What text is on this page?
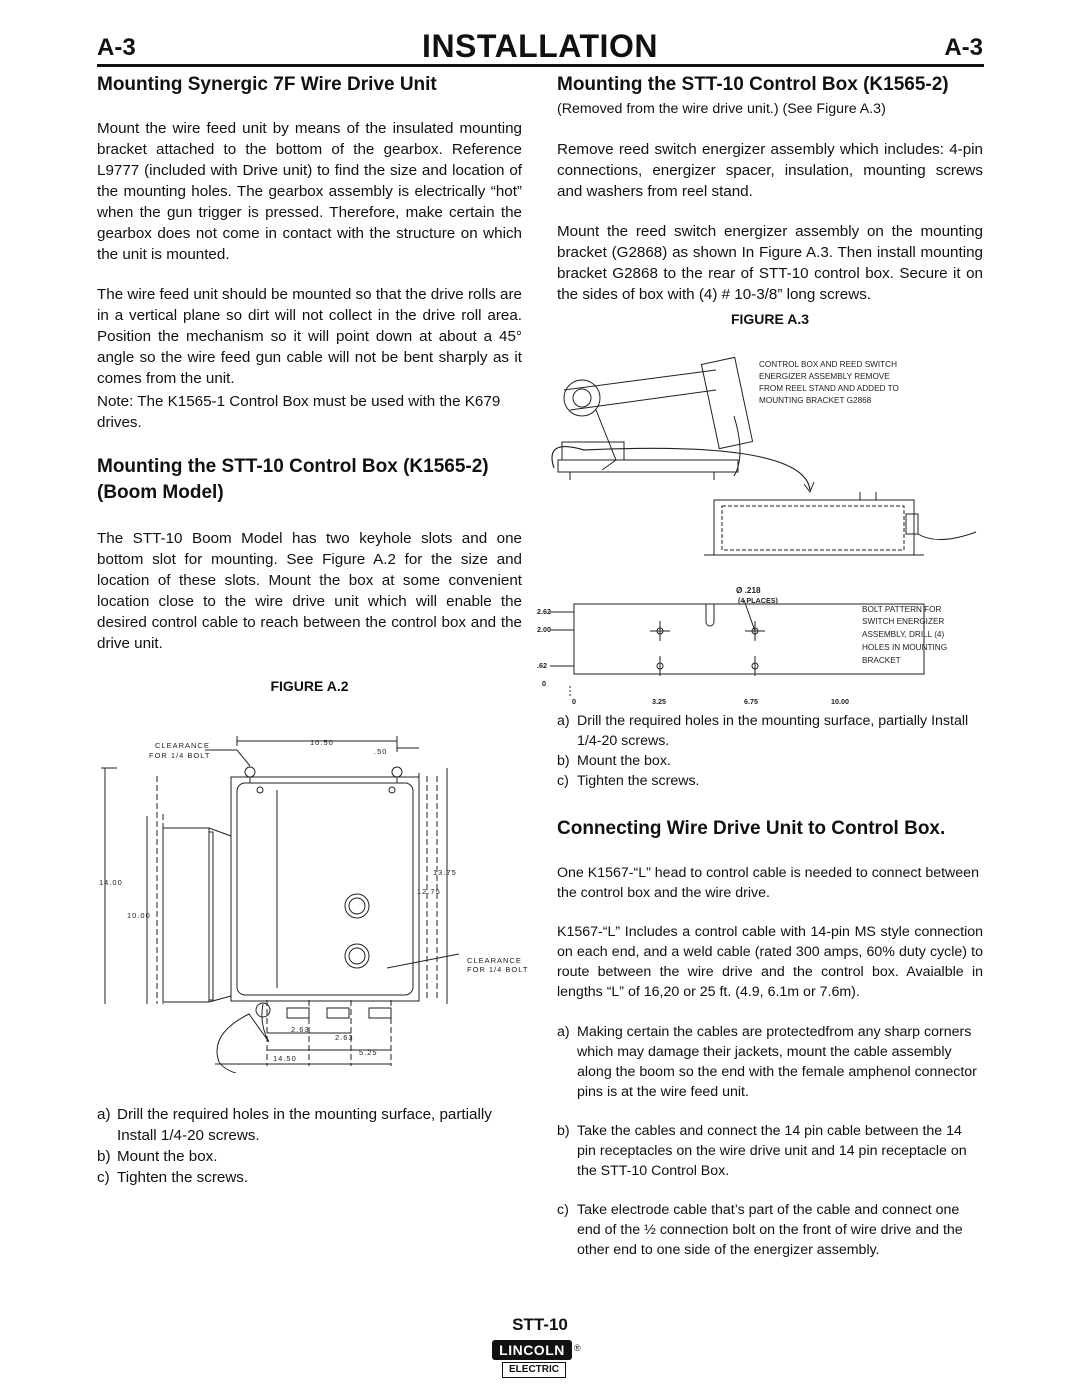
A-3	INSTALLATION	A-3
Mounting Synergic 7F Wire Drive Unit
Mount the wire feed unit by means of the insulated mounting bracket attached to the bottom of the gearbox. Reference L9777 (included with Drive unit) to find the size and location of the mounting holes. The gearbox assembly is electrically “hot” when the gun trigger is pressed. Therefore, make certain the gearbox does not come in contact with the structure on which the unit is mounted.
The wire feed unit should be mounted so that the drive rolls are in a vertical plane so dirt will not collect in the drive roll area. Position the mechanism so it will point down at about a 45° angle so the wire feed gun cable will not be bent sharply as it comes from the unit.
Note: The K1565-1 Control Box must be used with the K679 drives.
Mounting the STT-10 Control Box (K1565-2)
(Boom Model)
The STT-10 Boom Model has two keyhole slots and one bottom slot for mounting. See Figure A.2 for the size and location of these slots. Mount the box at some convenient location close to the wire drive unit which will enable the desired control cable to reach between the control box and the drive unit.
FIGURE A.2
CLEARANCE
FOR 1/4 BOLT
10.50
.50
13.75
12.75
14.00
10.00
CLEARANCE
FOR 1/4 BOLT
2.63
2.63
5.25
14.50
a) Drill the required holes in the mounting surface, partially Install 1/4-20 screws.
b) Mount the box.
c) Tighten the screws.
Mounting the STT-10 Control Box (K1565-2)
(Removed from the wire drive unit.) (See Figure A.3)
Remove reed switch energizer assembly which includes: 4-pin connections, energizer spacer, insulation, mounting screws and washers from reel stand.
Mount the reed switch energizer assembly on the mounting bracket (G2868) as shown In Figure A.3. Then install mounting bracket G2868 to the rear of STT-10 control box. Secure it on the sides of box with (4) # 10-3/8” long screws.
FIGURE A.3
CONTROL BOX AND REED SWITCH
ENERGIZER ASSEMBLY REMOVE
FROM REEL STAND AND ADDED TO
MOUNTING BRACKET G2868
Ø .218
(4 PLACES)
2.62
2.00
.62
0
0	3.25	6.75	10.00
BOLT PATTERN FOR
SWITCH ENERGIZER
ASSEMBLY, DRILL (4)
HOLES IN MOUNTING
BRACKET
a) Drill the required holes in the mounting surface, partially Install 1/4-20 screws.
b) Mount the box.
c) Tighten the screws.
Connecting Wire Drive Unit to Control Box.
One K1567-“L” head to control cable is needed to connect between the control box and the wire drive.
K1567-“L” Includes a control cable with 14-pin MS style connection on each end, and a weld cable (rated 300 amps, 60% duty cycle) to route between the wire drive and the control box. Avaialble in lengths “L” of 16,20 or 25 ft. (4.9, 6.1m or 7.6m).
a) Making certain the cables are protectedfrom any sharp corners which may damage their jackets, mount the cable assembly along the boom so the end with the female amphenol connector pins is at the wire feed unit.
b) Take the cables and connect the 14 pin cable between the 14 pin receptacles on the wire drive unit and 14 pin receptacle on the STT-10 Control Box.
c) Take electrode cable that’s part of the cable and connect one end of the ½ connection bolt on the front of wire drive and the other end to one side of the energizer assembly.
STT-10
LINCOLN	®
ELECTRIC
